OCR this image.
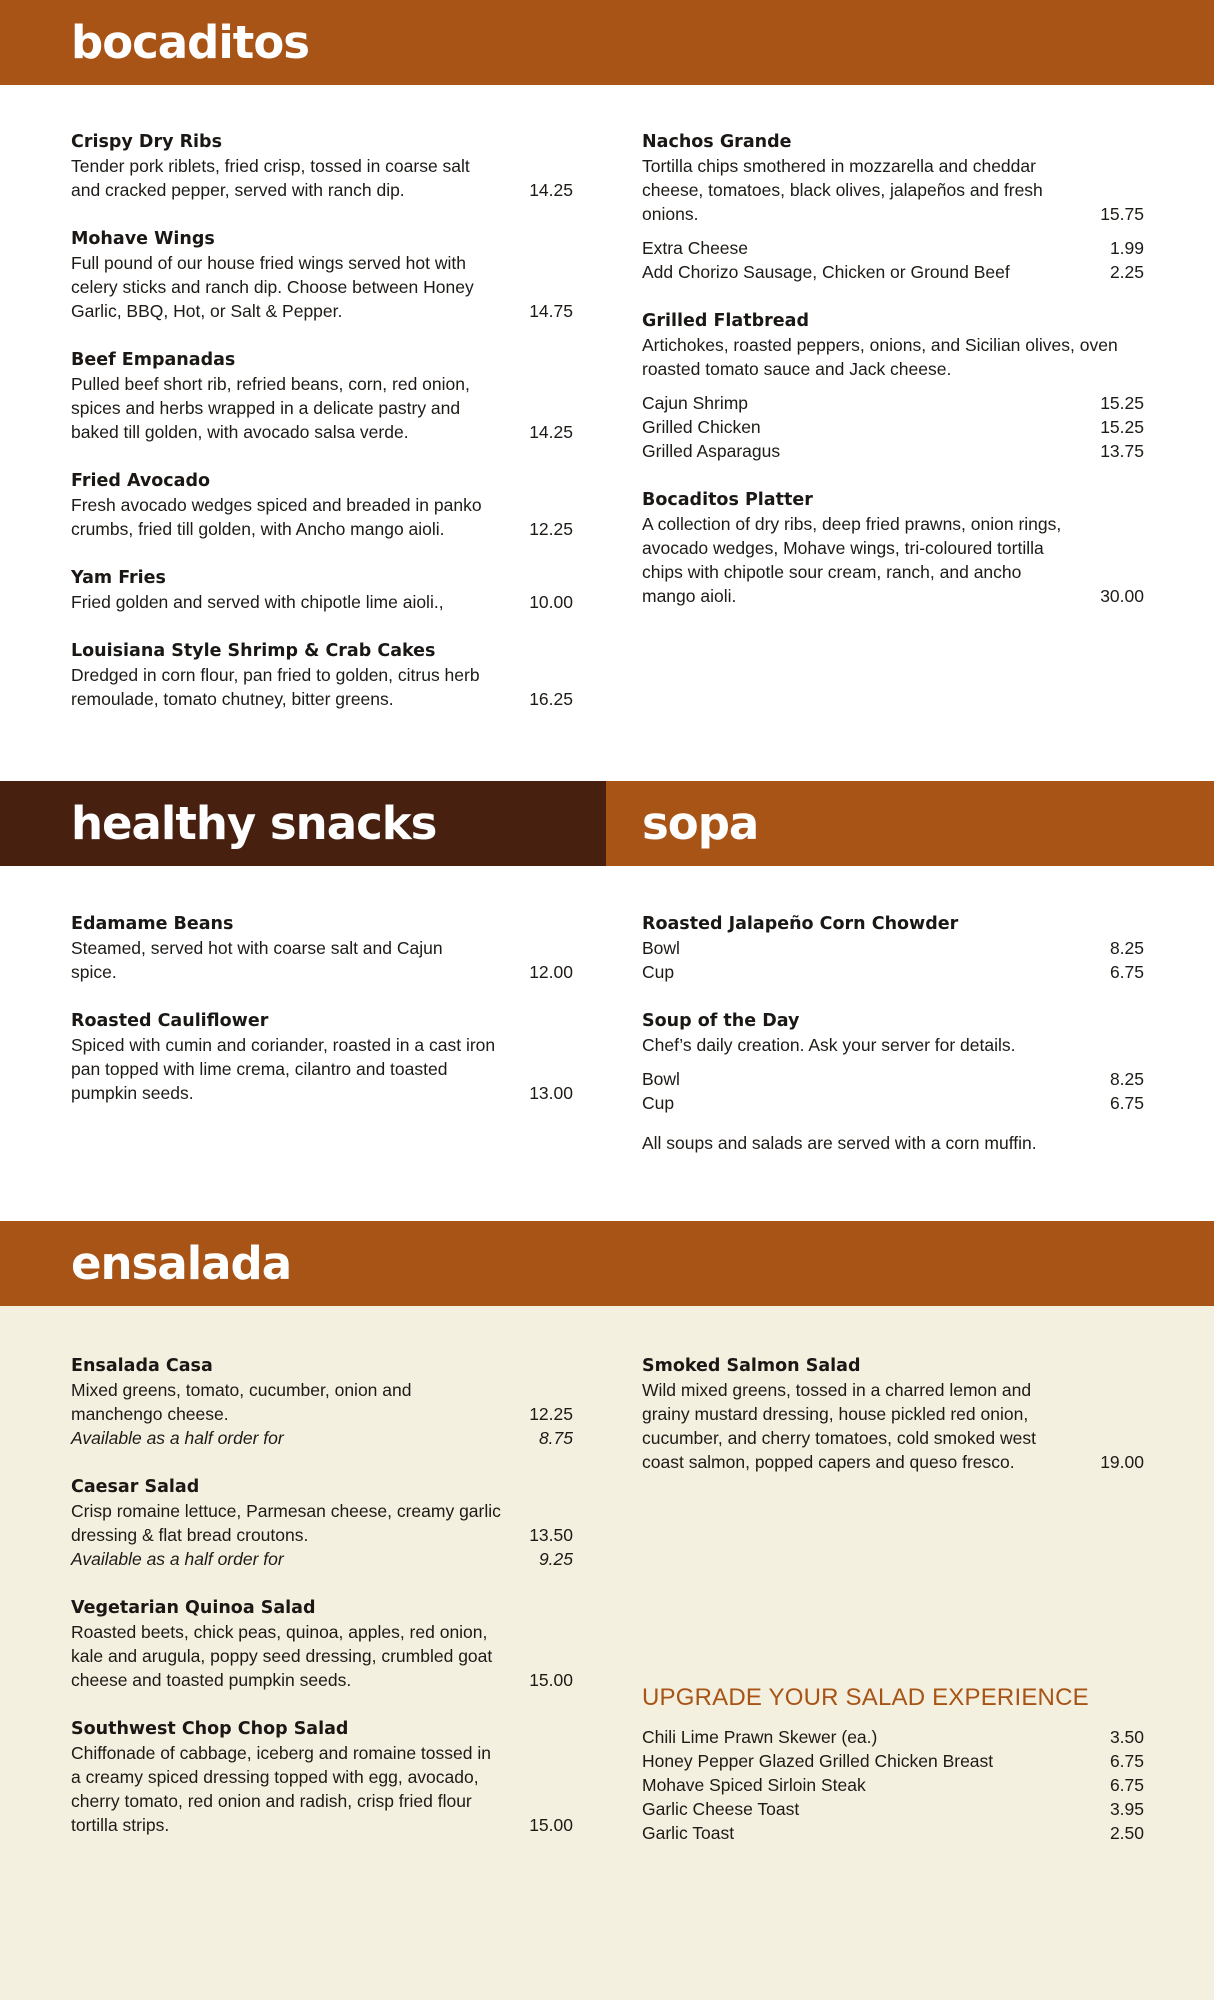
bocaditos
healthy snacks	sopa
ensalada
Crispy Dry Ribs
Tender pork riblets, fried crisp, tossed in coarse salt and cracked pepper, served with ranch dip.	14.25
Mohave Wings
Full pound of our house fried wings served hot with celery sticks and ranch dip. Choose between Honey Garlic, BBQ, Hot, or Salt & Pepper.	14.75
Beef Empanadas
Pulled beef short rib, refried beans, corn, red onion, spices and herbs wrapped in a delicate pastry and baked till golden, with avocado salsa verde.	14.25
Fried Avocado
Fresh avocado wedges spiced and breaded in panko crumbs, fried till golden, with Ancho mango aioli.	12.25
Yam Fries
Fried golden and served with chipotle lime aioli.,	10.00
Louisiana Style Shrimp & Crab Cakes
Dredged in corn flour, pan fried to golden, citrus herb remoulade, tomato chutney, bitter greens.	16.25
Nachos Grande
Tortilla chips smothered in mozzarella and cheddar cheese, tomatoes, black olives, jalapeños and fresh onions.	15.75
Extra Cheese	1.99
Add Chorizo Sausage, Chicken or Ground Beef	2.25
Grilled Flatbread
Artichokes, roasted peppers, onions, and Sicilian olives, oven roasted tomato sauce and Jack cheese.
Cajun Shrimp	15.25
Grilled Chicken	15.25
Grilled Asparagus	13.75
Bocaditos Platter
A collection of dry ribs, deep fried prawns, onion rings, avocado wedges, Mohave wings, tri-coloured tortilla chips with chipotle sour cream, ranch, and ancho mango aioli.	30.00
Edamame Beans
Steamed, served hot with coarse salt and Cajun spice.	12.00
Roasted Cauliflower
Spiced with cumin and coriander, roasted in a cast iron pan topped with lime crema, cilantro and toasted pumpkin seeds.	13.00
Roasted Jalapeño Corn Chowder
Bowl	8.25
Cup	6.75
Soup of the Day
Chef’s daily creation. Ask your server for details.
Bowl	8.25
Cup	6.75
All soups and salads are served with a corn muffin.
Ensalada Casa
Mixed greens, tomato, cucumber, onion and manchengo cheese.	12.25
Available as a half order for	8.75
Caesar Salad
Crisp romaine lettuce, Parmesan cheese, creamy garlic dressing & flat bread croutons.	13.50
Available as a half order for	9.25
Vegetarian Quinoa Salad
Roasted beets, chick peas, quinoa, apples, red onion, kale and arugula, poppy seed dressing, crumbled goat cheese and toasted pumpkin seeds.	15.00
Southwest Chop Chop Salad
Chiffonade of cabbage, iceberg and romaine tossed in a creamy spiced dressing topped with egg, avocado, cherry tomato, red onion and radish, crisp fried flour tortilla strips.	15.00
Smoked Salmon Salad
Wild mixed greens, tossed in a charred lemon and grainy mustard dressing, house pickled red onion, cucumber, and cherry tomatoes, cold smoked west coast salmon, popped capers and queso fresco.	19.00
UPGRADE YOUR SALAD EXPERIENCE
Chili Lime Prawn Skewer (ea.)	3.50
Honey Pepper Glazed Grilled Chicken Breast	6.75
Mohave Spiced Sirloin Steak	6.75
Garlic Cheese Toast	3.95
Garlic Toast	2.50
